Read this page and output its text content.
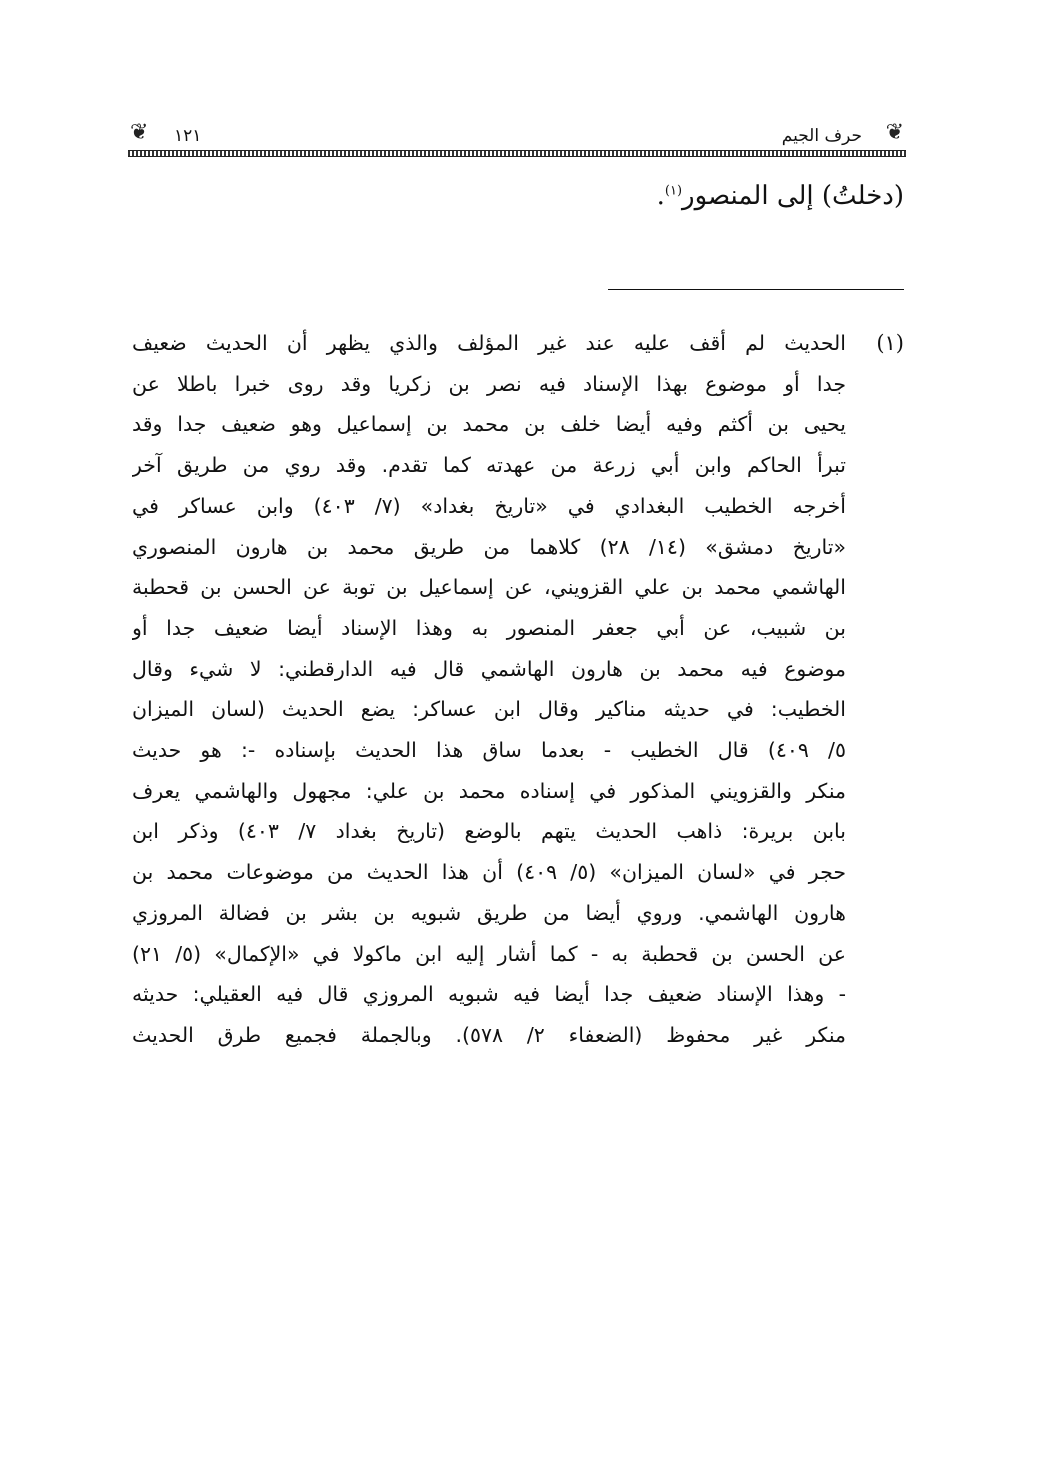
❦
حرف الجيم
١٢١
❦
(دخلتُ) إلى المنصور$^{(١)}$.
(١)
الحديث لم أقف عليه عند غير المؤلف والذي يظهر أن الحديث ضعيف
جدا أو موضوع بهذا الإسناد فيه نصر بن زكريا وقد روى خبرا باطلا عن
يحيى بن أكثم وفيه أيضا خلف بن محمد بن إسماعيل وهو ضعيف جدا وقد
تبرأ الحاكم وابن أبي زرعة من عهدته كما تقدم. وقد روي من طريق آخر
أخرجه الخطيب البغدادي في «تاريخ بغداد» (٧/ ٤٠٣) وابن عساكر في
«تاريخ دمشق» (١٤/ ٢٨) كلاهما من طريق محمد بن هارون المنصوري
الهاشمي محمد بن علي القزويني، عن إسماعيل بن توبة عن الحسن بن قحطبة
بن شبيب، عن أبي جعفر المنصور به وهذا الإسناد أيضا ضعيف جدا أو
موضوع فيه محمد بن هارون الهاشمي قال فيه الدارقطني: لا شيء وقال
الخطيب: في حديثه مناكير وقال ابن عساكر: يضع الحديث (لسان الميزان
٥/ ٤٠٩) قال الخطيب - بعدما ساق هذا الحديث بإسناده -: هو حديث
منكر والقزويني المذكور في إسناده محمد بن علي: مجهول والهاشمي يعرف
بابن بريرة: ذاهب الحديث يتهم بالوضع (تاريخ بغداد ٧/ ٤٠٣) وذكر ابن
حجر في «لسان الميزان» (٥/ ٤٠٩) أن هذا الحديث من موضوعات محمد بن
هارون الهاشمي. وروي أيضا من طريق شبويه بن بشر بن فضالة المروزي
عن الحسن بن قحطبة به - كما أشار إليه ابن ماكولا في «الإكمال» (٥/ ٢١)
- وهذا الإسناد ضعيف جدا أيضا فيه شبويه المروزي قال فيه العقيلي: حديثه
منكر غير محفوظ (الضعفاء ٢/ ٥٧٨). وبالجملة فجميع طرق الحديث
